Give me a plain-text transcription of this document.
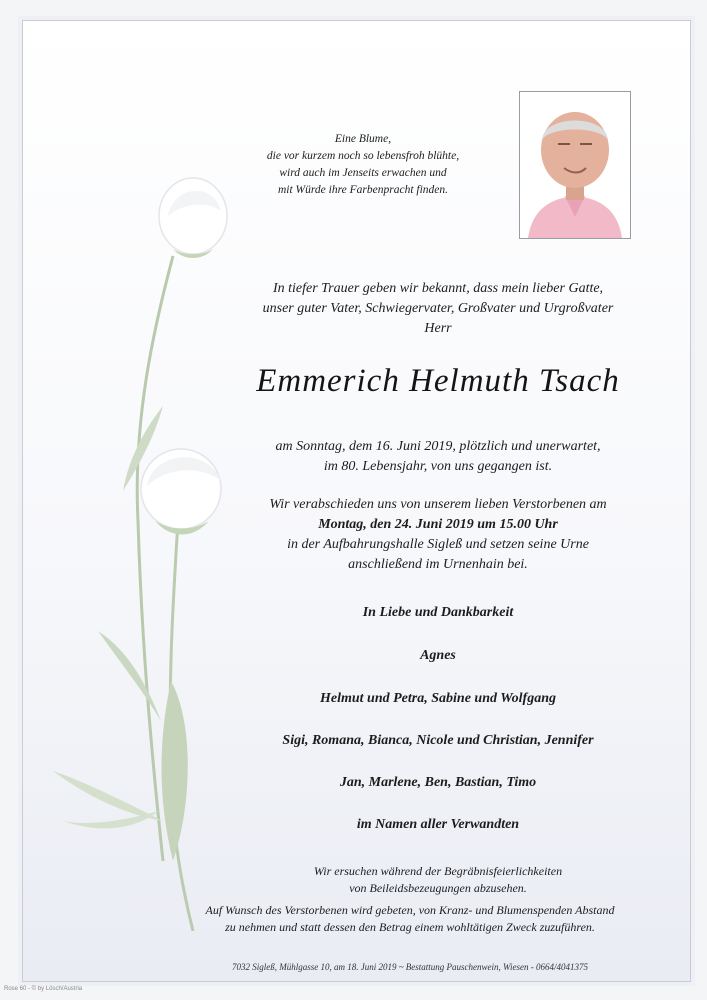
Eine Blume,
die vor kurzem noch so lebensfroh blühte,
wird auch im Jenseits erwachen und
mit Würde ihre Farbenpracht finden.
In tiefer Trauer geben wir bekannt, dass mein lieber Gatte,
unser guter Vater, Schwiegervater, Großvater und Urgroßvater
Herr
Emmerich Helmuth Tsach
am Sonntag, dem 16. Juni 2019, plötzlich und unerwartet,
im 80. Lebensjahr, von uns gegangen ist.
Wir verabschieden uns von unserem lieben Verstorbenen am
Montag, den 24. Juni 2019 um 15.00 Uhr
in der Aufbahrungshalle Sigleß und setzen seine Urne
anschließend im Urnenhain bei.
In Liebe und Dankbarkeit
Agnes
Helmut und Petra, Sabine und Wolfgang
Sigi, Romana, Bianca, Nicole und Christian, Jennifer
Jan, Marlene, Ben, Bastian, Timo
im Namen aller Verwandten
Wir ersuchen während der Begräbnisfeierlichkeiten
von Beileidsbezeugungen abzusehen.
Auf Wunsch des Verstorbenen wird gebeten, von Kranz- und Blumenspenden Abstand
zu nehmen und statt dessen den Betrag einem wohltätigen Zweck zuzuführen.
7032 Sigleß, Mühlgasse 10, am 18. Juni 2019 ~ Bestattung Pauschenwein, Wiesen - 0664/4041375
Rose 60 - © by Lösch/Austria
